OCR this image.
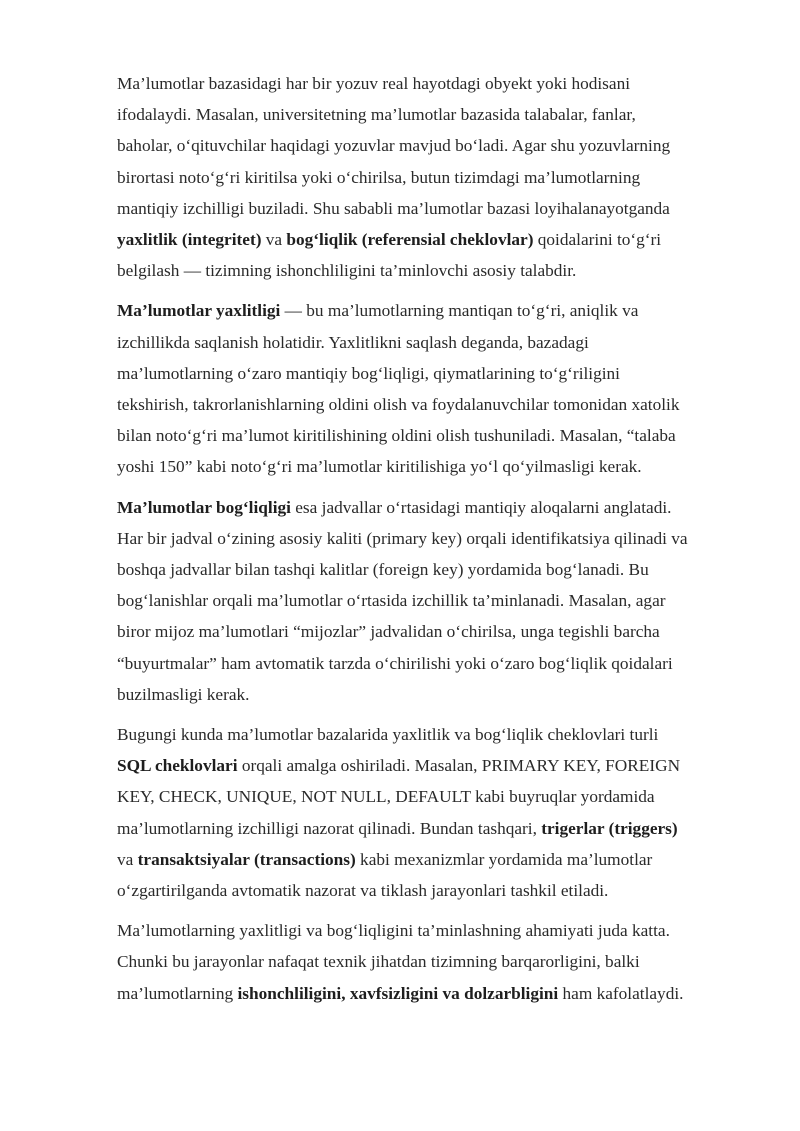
Ma’lumotlar bazasidagi har bir yozuv real hayotdagi obyekt yoki hodisani
ifodalaydi. Masalan, universitetning ma’lumotlar bazasida talabalar, fanlar,
baholar, o‘qituvchilar haqidagi yozuvlar mavjud bo‘ladi. Agar shu yozuvlarning
birortasi noto‘g‘ri kiritilsa yoki o‘chirilsa, butun tizimdagi ma’lumotlarning
mantiqiy izchilligi buziladi. Shu sababli ma’lumotlar bazasi loyihalanayotganda
yaxlitlik (integritet) va bog‘liqlik (referensial cheklovlar) qoidalarini to‘g‘ri
belgilash — tizimning ishonchliligini ta’minlovchi asosiy talabdir.

Ma’lumotlar yaxlitligi — bu ma’lumotlarning mantiqan to‘g‘ri, aniqlik va
izchillikda saqlanish holatidir. Yaxlitlikni saqlash deganda, bazadagi
ma’lumotlarning o‘zaro mantiqiy bog‘liqligi, qiymatlarining to‘g‘riligini
tekshirish, takrorlanishlarning oldini olish va foydalanuvchilar tomonidan xatolik
bilan noto‘g‘ri ma’lumot kiritilishining oldini olish tushuniladi. Masalan, “talaba
yoshi 150” kabi noto‘g‘ri ma’lumotlar kiritilishiga yo‘l qo‘yilmasligi kerak.

Ma’lumotlar bog‘liqligi esa jadvallar o‘rtasidagi mantiqiy aloqalarni anglatadi.
Har bir jadval o‘zining asosiy kaliti (primary key) orqali identifikatsiya qilinadi va
boshqa jadvallar bilan tashqi kalitlar (foreign key) yordamida bog‘lanadi. Bu
bog‘lanishlar orqali ma’lumotlar o‘rtasida izchillik ta’minlanadi. Masalan, agar
biror mijoz ma’lumotlari “mijozlar” jadvalidan o‘chirilsa, unga tegishli barcha
“buyurtmalar” ham avtomatik tarzda o‘chirilishi yoki o‘zaro bog‘liqlik qoidalari
buzilmasligi kerak.

Bugungi kunda ma’lumotlar bazalarida yaxlitlik va bog‘liqlik cheklovlari turli
SQL cheklovlari orqali amalga oshiriladi. Masalan, PRIMARY KEY, FOREIGN
KEY, CHECK, UNIQUE, NOT NULL, DEFAULT kabi buyruqlar yordamida
ma’lumotlarning izchilligi nazorat qilinadi. Bundan tashqari, trigerlar (triggers)
va transaktsiyalar (transactions) kabi mexanizmlar yordamida ma’lumotlar
o‘zgartirilganda avtomatik nazorat va tiklash jarayonlari tashkil etiladi.

Ma’lumotlarning yaxlitligi va bog‘liqligini ta’minlashning ahamiyati juda katta.
Chunki bu jarayonlar nafaqat texnik jihatdan tizimning barqarorligini, balki
ma’lumotlarning ishonchliligini, xavfsizligini va dolzarbligini ham kafolatlaydi.
